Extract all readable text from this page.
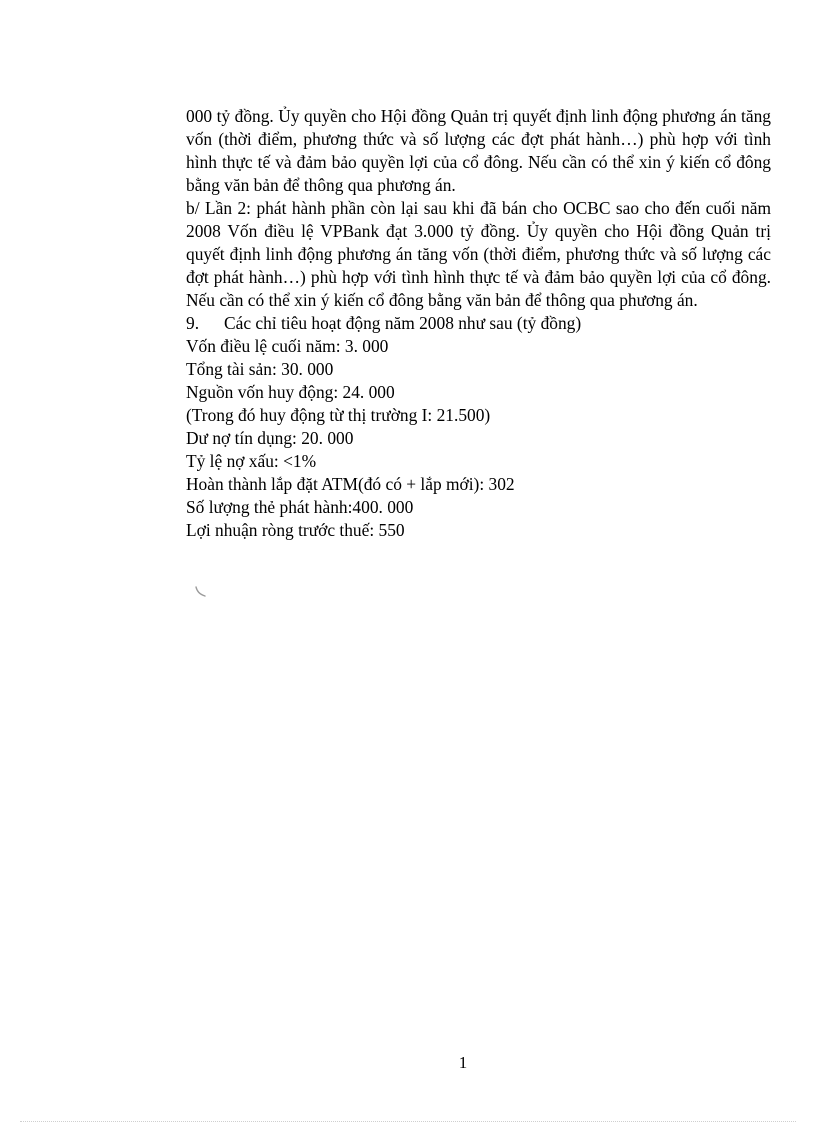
000 tỷ đồng. Ủy quyền cho Hội đồng Quản trị quyết định linh động phương án tăng vốn (thời điểm, phương thức và số lượng các đợt phát hành…) phù hợp với tình hình thực tế và đảm bảo quyền lợi của cổ đông. Nếu cần có thể xin ý kiến cổ đông bằng văn bản để thông qua phương án.

b/ Lần 2: phát hành phần còn lại sau khi đã bán cho OCBC sao cho đến cuối năm 2008 Vốn điều lệ VPBank đạt 3.000 tỷ đồng. Ủy quyền cho Hội đồng Quản trị quyết định linh động phương án tăng vốn (thời điểm, phương thức và số lượng các đợt phát hành…) phù hợp với tình hình thực tế và đảm bảo quyền lợi của cổ đông. Nếu cần có thể xin ý kiến cổ đông bằng văn bản để thông qua phương án.

9.	Các chỉ tiêu hoạt động năm 2008 như sau (tỷ đồng)

Vốn điều lệ cuối năm: 3. 000

Tổng tài sản: 30. 000

Nguồn vốn huy động: 24. 000

(Trong đó huy động từ thị trường I: 21.500)

Dư nợ tín dụng: 20. 000

Tỷ lệ nợ xấu: <1%

Hoàn thành lắp đặt ATM(đó có + lắp mới): 302

Số lượng thẻ phát hành:400. 000

Lợi nhuận ròng trước thuế: 550

1
